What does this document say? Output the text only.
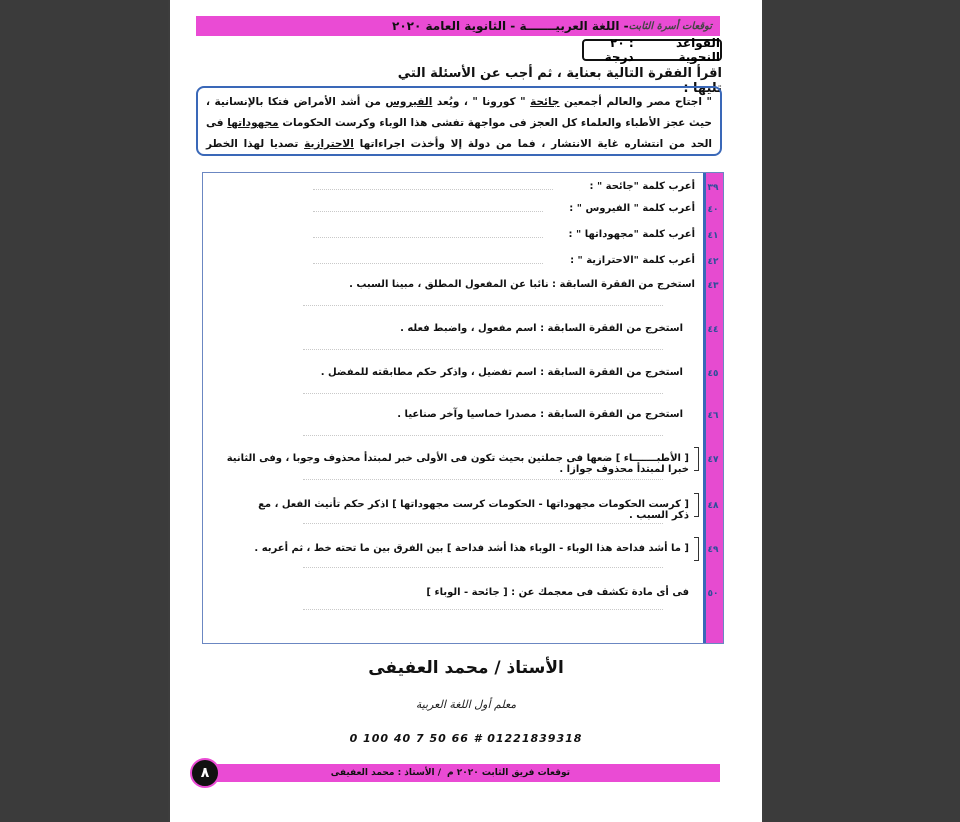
توقعات أسرة الثابت
- اللغة العربيـــــــة - الثانوية العامة ٢٠٢٠
القواعد النحوية
: ٢٠ درجة
اقرأ الفقرة التالية بعناية ، ثم أجب عن الأسئلة التي تليها :
" اجتاح مصر والعالم أجمعين جائحة " كورونا " ، ويُعد الفيروس من أشد الأمراض فتكا بالإنسانية ، حيث عجز الأطباء والعلماء كل العجز فى مواجهة تفشى هذا الوباء وكرست الحكومات مجهوداتها فى الحد من انتشاره غاية الانتشار ، فما من دولة إلا وأخذت اجراءاتها الاحترازية تصديا لهذا الخطر
٣٩
أعرب كلمة "جائحة " :
٤٠
أعرب كلمة " الفيروس " :
٤١
أعرب كلمة "مجهوداتها " :
٤٢
أعرب كلمة "الاحترازية " :
٤٣
استخرج من الفقرة السابقة : نائبا عن المفعول المطلق ، مبينا السبب .
٤٤
استخرج من الفقرة السابقة : اسم مفعول ، واضبط فعله .
٤٥
استخرج من الفقرة السابقة : اسم تفضيل ، واذكر حكم مطابقته للمفضل .
٤٦
استخرج من الفقرة السابقة : مصدرا خماسيا وآخر صناعيا .
٤٧
[ الأطبـــــــاء ] ضعها فى جملتين بحيث تكون فى الأولى خبر لمبتدأ محذوف وجوبا ، وفى الثانية خبرا لمبتدأ محذوف جوازا .
٤٨
[ كرست الحكومات مجهوداتها - الحكومات كرست مجهوداتها ] اذكر حكم تأنيث الفعل ، مع ذكر السبب .
٤٩
[ ما أشد فداحة هذا الوباء - الوباء هذا أشد فداحة ] بين الفرق بين ما تحته خط ، ثم أعربه .
٥٠
فى أى مادة تكشف فى معجمك عن : [ جائحة - الوباء ]
الأستاذ / محمد العفيفى
معلم أول اللغة العربية
0 100 40 7 50 66 # 01221839318
توقعات فريق الثابت ٢٠٢٠ م
/ الأستاذ : محمد العفيفى
٨
